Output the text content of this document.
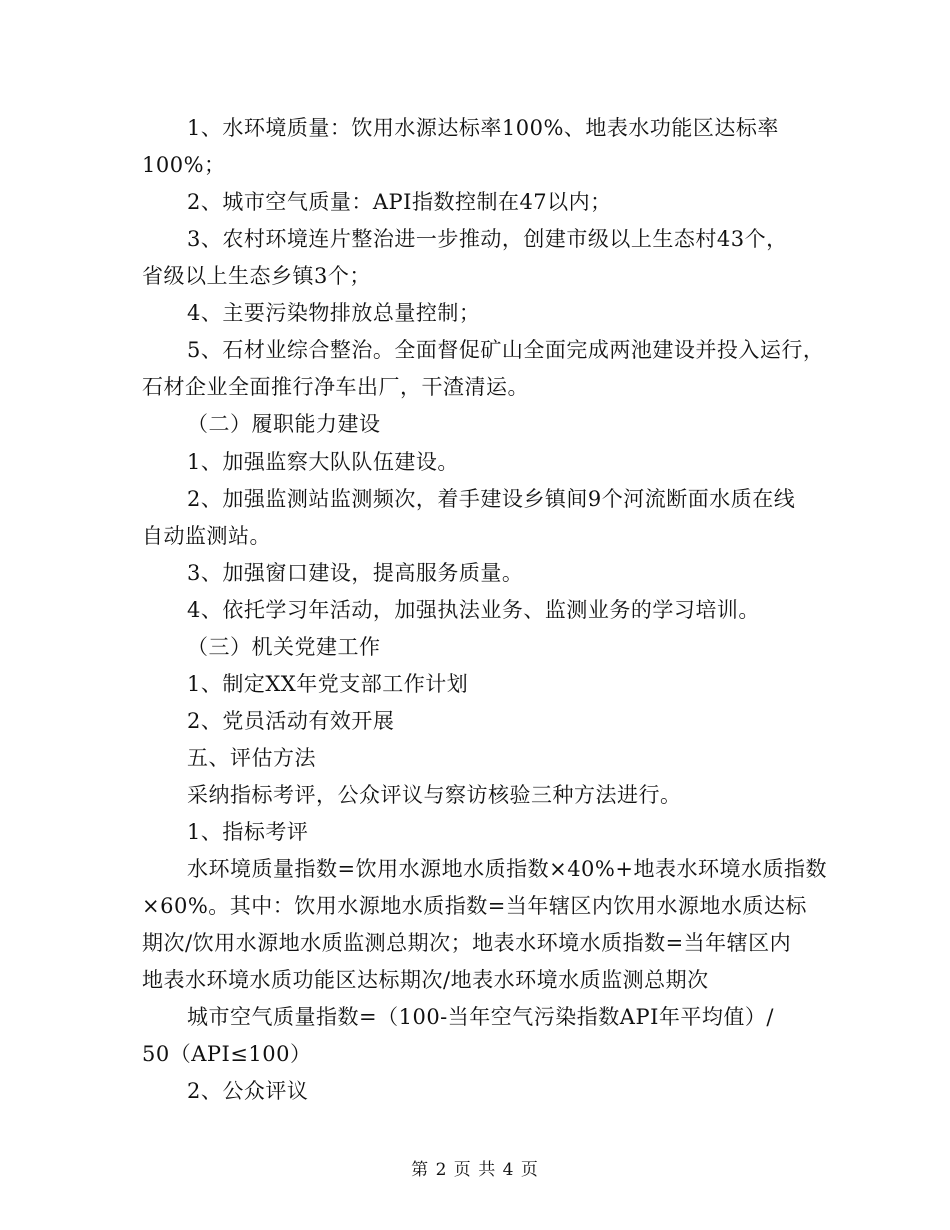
1、水环境质量：饮用水源达标率100%、地表水功能区达标率
100%；
2、城市空气质量：API指数控制在47以内；
3、农村环境连片整治进一步推动，创建市级以上生态村43个，
省级以上生态乡镇3个；
4、主要污染物排放总量控制；
5、石材业综合整治。全面督促矿山全面完成两池建设并投入运行，
石材企业全面推行净车出厂，干渣清运。
（二）履职能力建设
1、加强监察大队队伍建设。
2、加强监测站监测频次，着手建设乡镇间9个河流断面水质在线
自动监测站。
3、加强窗口建设，提高服务质量。
4、依托学习年活动，加强执法业务、监测业务的学习培训。
（三）机关党建工作
1、制定XX年党支部工作计划
2、党员活动有效开展
五、评估方法
采纳指标考评，公众评议与察访核验三种方法进行。
1、指标考评
水环境质量指数=饮用水源地水质指数×40%+地表水环境水质指数
×60%。其中：饮用水源地水质指数=当年辖区内饮用水源地水质达标
期次/饮用水源地水质监测总期次；地表水环境水质指数=当年辖区内
地表水环境水质功能区达标期次/地表水环境水质监测总期次
城市空气质量指数=（100-当年空气污染指数API年平均值）/
50（API≤100）
2、公众评议
第 2 页 共 4 页
